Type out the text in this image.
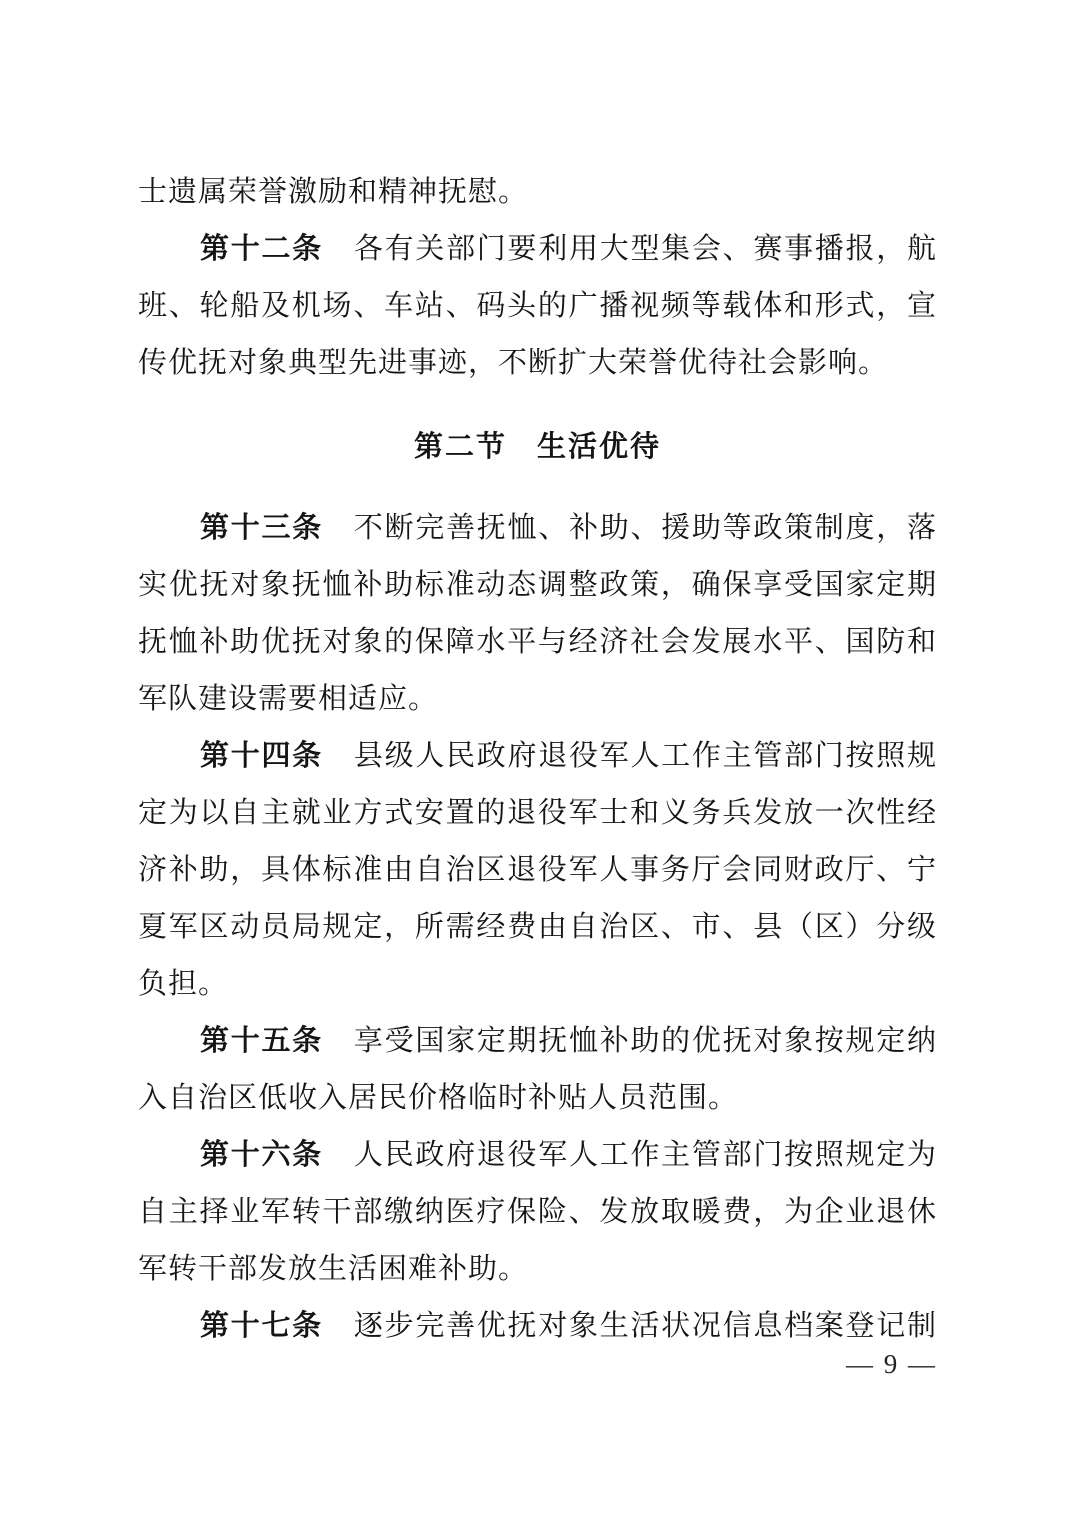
士遗属荣誉激励和精神抚慰。
第十二条 各有关部门要利用大型集会、赛事播报，航
班、轮船及机场、车站、码头的广播视频等载体和形式，宣
传优抚对象典型先进事迹，不断扩大荣誉优待社会影响。
第二节 生活优待
第十三条 不断完善抚恤、补助、援助等政策制度，落
实优抚对象抚恤补助标准动态调整政策，确保享受国家定期
抚恤补助优抚对象的保障水平与经济社会发展水平、国防和
军队建设需要相适应。
第十四条 县级人民政府退役军人工作主管部门按照规
定为以自主就业方式安置的退役军士和义务兵发放一次性经
济补助，具体标准由自治区退役军人事务厅会同财政厅、宁
夏军区动员局规定，所需经费由自治区、市、县（区）分级
负担。
第十五条 享受国家定期抚恤补助的优抚对象按规定纳
入自治区低收入居民价格临时补贴人员范围。
第十六条 人民政府退役军人工作主管部门按照规定为
自主择业军转干部缴纳医疗保险、发放取暖费，为企业退休
军转干部发放生活困难补助。
第十七条 逐步完善优抚对象生活状况信息档案登记制
— 9 —
